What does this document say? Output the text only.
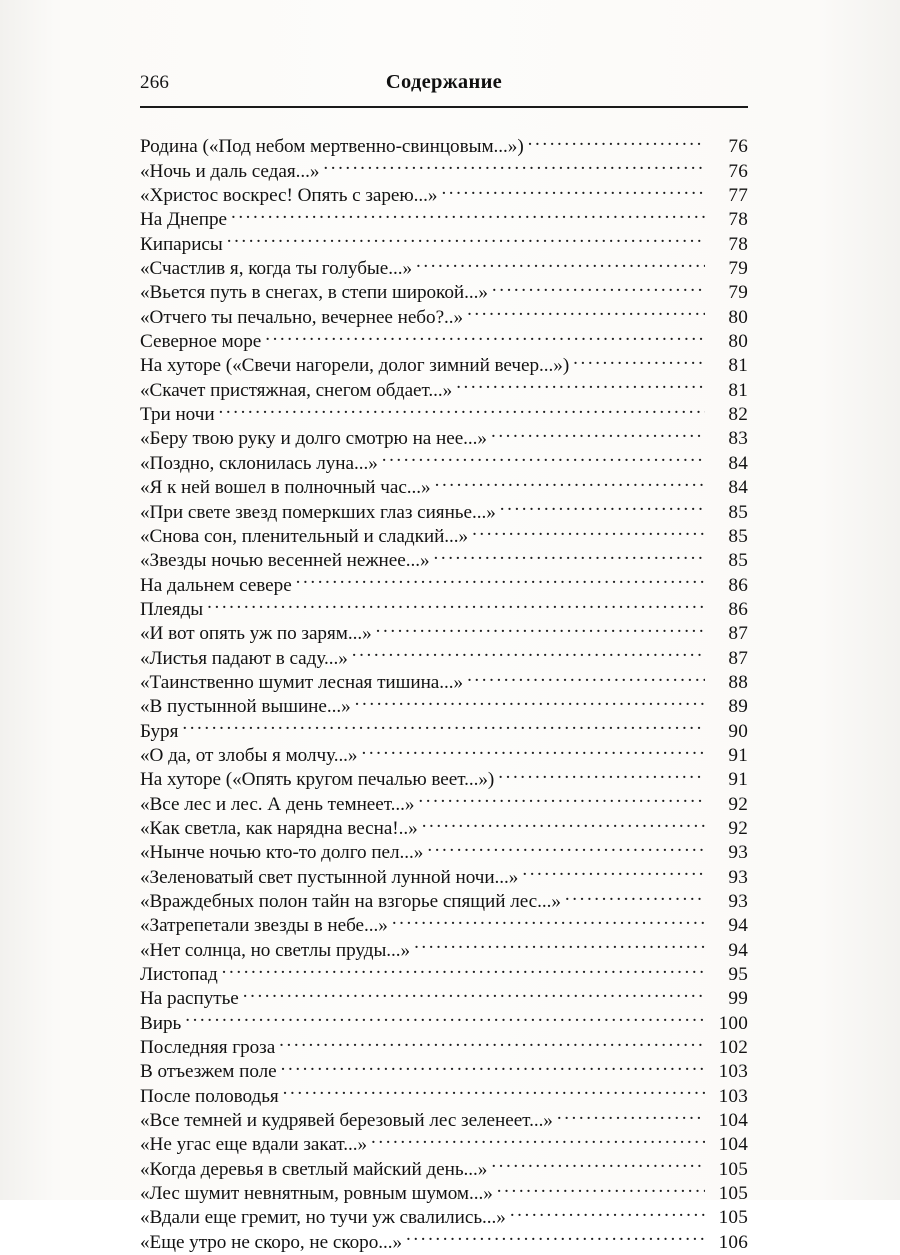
266	Содержание
Родина («Под небом мертвенно-свинцовым...») .....	76
«Ночь и даль седая...» .....	76
«Христос воскрес! Опять с зарею...» .....	77
На Днепре .....	78
Кипарисы .....	78
«Счастлив я, когда ты голубые...» .....	79
«Вьется путь в снегах, в степи широкой...» .....	79
«Отчего ты печально, вечернее небо?..» .....	80
Северное море .....	80
На хуторе («Свечи нагорели, долог зимний вечер...») .....	81
«Скачет пристяжная, снегом обдает...» .....	81
Три ночи .....	82
«Беру твою руку и долго смотрю на нее...» .....	83
«Поздно, склонилась луна...» .....	84
«Я к ней вошел в полночный час...» .....	84
«При свете звезд померкших глаз сиянье...» .....	85
«Снова сон, пленительный и сладкий...» .....	85
«Звезды ночью весенней нежнее...» .....	85
На дальнем севере .....	86
Плеяды .....	86
«И вот опять уж по зарям...» .....	87
«Листья падают в саду...» .....	87
«Таинственно шумит лесная тишина...» .....	88
«В пустынной вышине...» .....	89
Буря .....	90
«О да, от злобы я молчу...» .....	91
На хуторе («Опять кругом печалью веет...») .....	91
«Все лес и лес. А день темнеет...» .....	92
«Как светла, как нарядна весна!..» .....	92
«Нынче ночью кто-то долго пел...» .....	93
«Зеленоватый свет пустынной лунной ночи...» .....	93
«Враждебных полон тайн на взгорье спящий лес...» .....	93
«Затрепетали звезды в небе...» .....	94
«Нет солнца, но светлы пруды...» .....	94
Листопад .....	95
На распутье .....	99
Вирь .....	100
Последняя гроза .....	102
В отъезжем поле .....	103
После половодья .....	103
«Все темней и кудрявей березовый лес зеленеет...» .....	104
«Не угас еще вдали закат...» .....	104
«Когда деревья в светлый майский день...» .....	105
«Лес шумит невнятным, ровным шумом...» .....	105
«Вдали еще гремит, но тучи уж свалились...» .....	105
«Еще утро не скоро, не скоро...» .....	106
